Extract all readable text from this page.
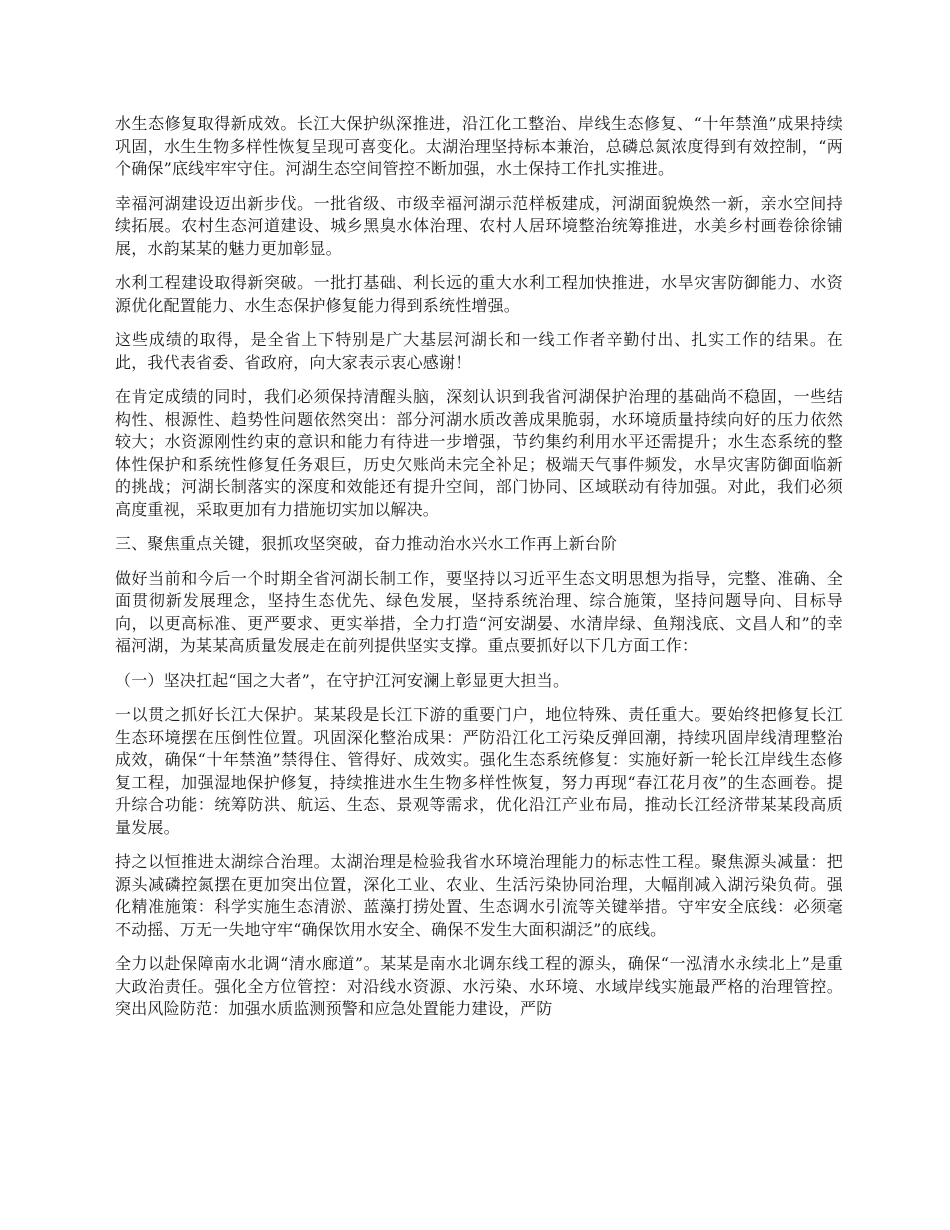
水生态修复取得新成效。长江大保护纵深推进，沿江化工整治、岸线生态修复、“十年禁渔”成果持续巩固，水生生物多样性恢复呈现可喜变化。太湖治理坚持标本兼治，总磷总氮浓度得到有效控制，“两个确保”底线牢牢守住。河湖生态空间管控不断加强，水土保持工作扎实推进。

幸福河湖建设迈出新步伐。一批省级、市级幸福河湖示范样板建成，河湖面貌焕然一新，亲水空间持续拓展。农村生态河道建设、城乡黑臭水体治理、农村人居环境整治统筹推进，水美乡村画卷徐徐铺展，水韵某某的魅力更加彰显。

水利工程建设取得新突破。一批打基础、利长远的重大水利工程加快推进，水旱灾害防御能力、水资源优化配置能力、水生态保护修复能力得到系统性增强。

这些成绩的取得，是全省上下特别是广大基层河湖长和一线工作者辛勤付出、扎实工作的结果。在此，我代表省委、省政府，向大家表示衷心感谢！

在肯定成绩的同时，我们必须保持清醒头脑，深刻认识到我省河湖保护治理的基础尚不稳固，一些结构性、根源性、趋势性问题依然突出：部分河湖水质改善成果脆弱，水环境质量持续向好的压力依然较大；水资源刚性约束的意识和能力有待进一步增强，节约集约利用水平还需提升；水生态系统的整体性保护和系统性修复任务艰巨，历史欠账尚未完全补足；极端天气事件频发，水旱灾害防御面临新的挑战；河湖长制落实的深度和效能还有提升空间，部门协同、区域联动有待加强。对此，我们必须高度重视，采取更加有力措施切实加以解决。

三、聚焦重点关键，狠抓攻坚突破，奋力推动治水兴水工作再上新台阶

做好当前和今后一个时期全省河湖长制工作，要坚持以习近平生态文明思想为指导，完整、准确、全面贯彻新发展理念，坚持生态优先、绿色发展，坚持系统治理、综合施策，坚持问题导向、目标导向，以更高标准、更严要求、更实举措，全力打造“河安湖晏、水清岸绿、鱼翔浅底、文昌人和”的幸福河湖，为某某高质量发展走在前列提供坚实支撑。重点要抓好以下几方面工作：

（一）坚决扛起“国之大者”，在守护江河安澜上彰显更大担当。

一以贯之抓好长江大保护。某某段是长江下游的重要门户，地位特殊、责任重大。要始终把修复长江生态环境摆在压倒性位置。巩固深化整治成果：严防沿江化工污染反弹回潮，持续巩固岸线清理整治成效，确保“十年禁渔”禁得住、管得好、成效实。强化生态系统修复：实施好新一轮长江岸线生态修复工程，加强湿地保护修复，持续推进水生生物多样性恢复，努力再现“春江花月夜”的生态画卷。提升综合功能：统筹防洪、航运、生态、景观等需求，优化沿江产业布局，推动长江经济带某某段高质量发展。

持之以恒推进太湖综合治理。太湖治理是检验我省水环境治理能力的标志性工程。聚焦源头减量：把源头减磷控氮摆在更加突出位置，深化工业、农业、生活污染协同治理，大幅削减入湖污染负荷。强化精准施策：科学实施生态清淤、蓝藻打捞处置、生态调水引流等关键举措。守牢安全底线：必须毫不动摇、万无一失地守牢“确保饮用水安全、确保不发生大面积湖泛”的底线。

全力以赴保障南水北调“清水廊道”。某某是南水北调东线工程的源头，确保“一泓清水永续北上”是重大政治责任。强化全方位管控：对沿线水资源、水污染、水环境、水域岸线实施最严格的治理管控。突出风险防范：加强水质监测预警和应急处置能力建设，严防
